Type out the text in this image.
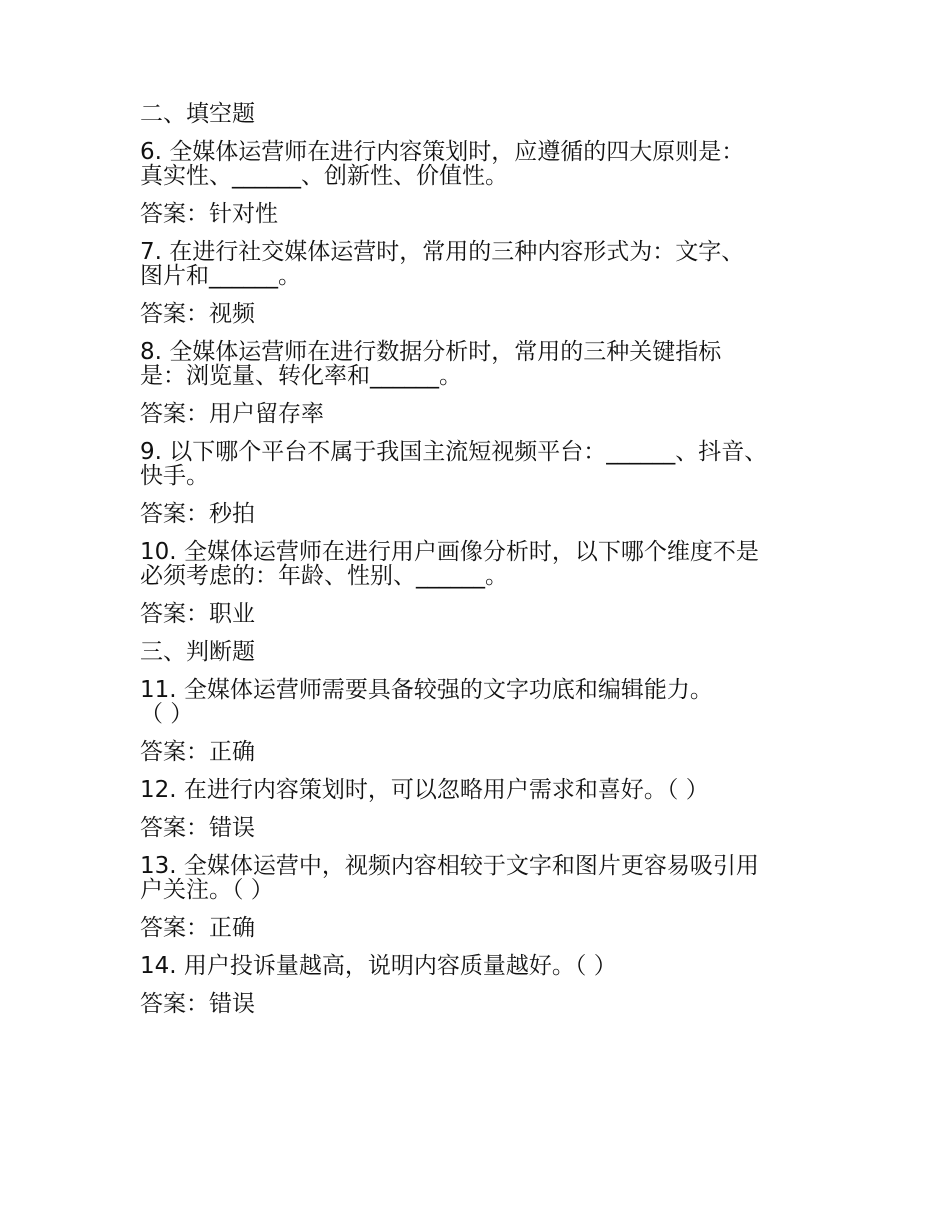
二、填空题
6. 全媒体运营师在进行内容策划时，应遵循的四大原则是：
真实性、______、创新性、价值性。
答案：针对性
7. 在进行社交媒体运营时，常用的三种内容形式为：文字、
图片和______。
答案：视频
8. 全媒体运营师在进行数据分析时，常用的三种关键指标
是：浏览量、转化率和______。
答案：用户留存率
9. 以下哪个平台不属于我国主流短视频平台：______、抖音、
快手。
答案：秒拍
10. 全媒体运营师在进行用户画像分析时，以下哪个维度不是
必须考虑的：年龄、性别、______。
答案：职业
三、判断题
11. 全媒体运营师需要具备较强的文字功底和编辑能力。
（ ）
答案：正确
12. 在进行内容策划时，可以忽略用户需求和喜好。（ ）
答案：错误
13. 全媒体运营中，视频内容相较于文字和图片更容易吸引用
户关注。（ ）
答案：正确
14. 用户投诉量越高，说明内容质量越好。（ ）
答案：错误
